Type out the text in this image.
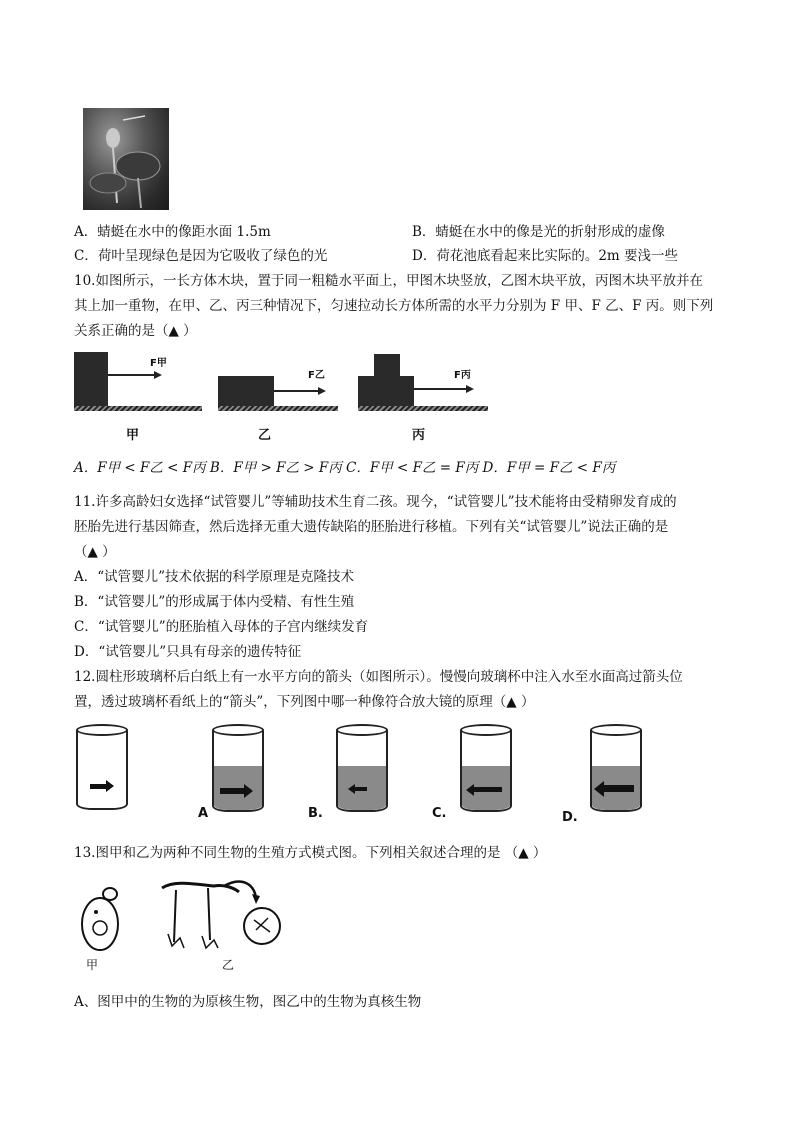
A．蜻蜓在水中的像距水面 1.5m	B．蜻蜓在水中的像是光的折射形成的虚像
C．荷叶呈现绿色是因为它吸收了绿色的光	D．荷花池底看起来比实际的。2m 要浅一些
10.如图所示，一长方体木块，置于同一粗糙水平面上，甲图木块竖放，乙图木块平放，丙图木块平放并在
其上加一重物，在甲、乙、丙三种情况下，匀速拉动长方体所需的水平力分别为 F 甲、F 乙、F 丙。则下列
关系正确的是（▲ ）
F甲
F乙	F丙
甲	乙	丙
A．F甲 < F乙 < F丙 B．F甲 > F乙 > F丙 C．F甲 < F乙 = F丙 D．F甲 = F乙 < F丙
11.许多高龄妇女选择“试管婴儿”等辅助技术生育二孩。现今，“试管婴儿”技术能将由受精卵发育成的
胚胎先进行基因筛查，然后选择无重大遗传缺陷的胚胎进行移植。下列有关“试管婴儿”说法正确的是
（▲ ）
A．“试管婴儿”技术依据的科学原理是克隆技术
B．“试管婴儿”的形成属于体内受精、有性生殖
C．“试管婴儿”的胚胎植入母体的子宫内继续发育
D．“试管婴儿”只具有母亲的遗传特征
12.圆柱形玻璃杯后白纸上有一水平方向的箭头（如图所示）。慢慢向玻璃杯中注入水至水面高过箭头位
置，透过玻璃杯看纸上的“箭头”，下列图中哪一种像符合放大镜的原理（▲ ）
A	B.	C.	D.
13.图甲和乙为两种不同生物的生殖方式模式图。下列相关叙述合理的是 （▲ ）
甲	乙
A、图甲中的生物的为原核生物，图乙中的生物为真核生物
